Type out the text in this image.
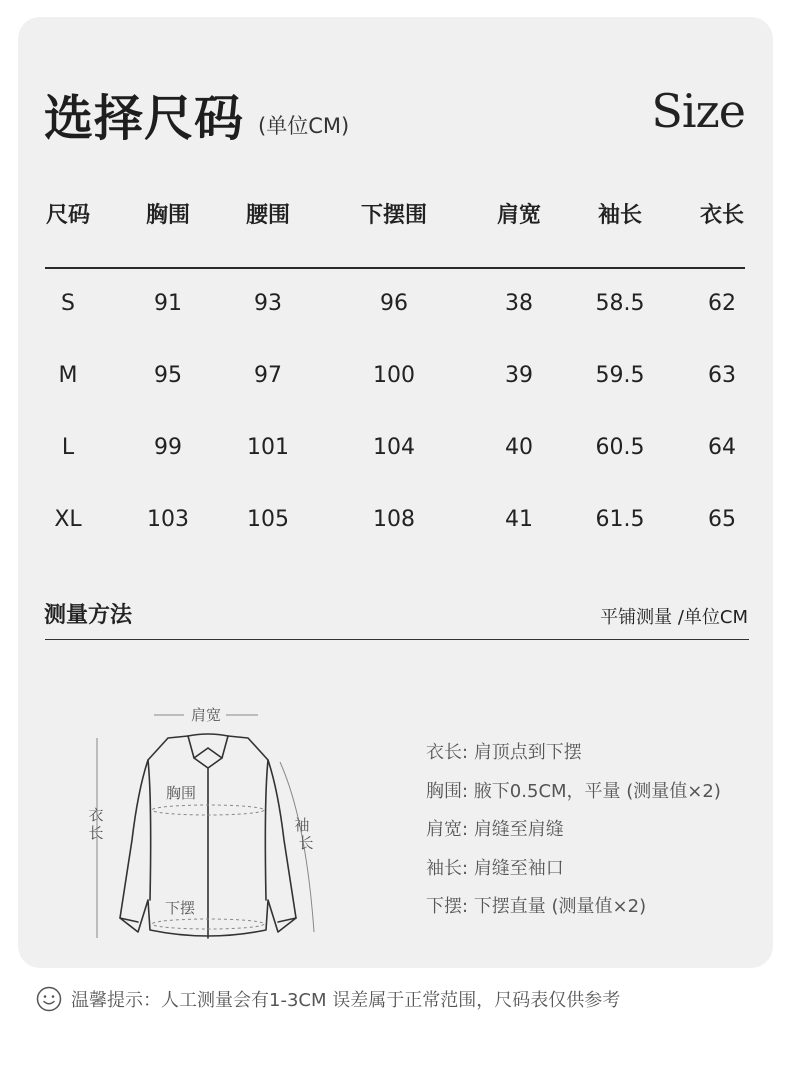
选择尺码 (单位CM)	Size
尺码	胸围	腰围	下摆围	肩宽	袖长	衣长
S	91	93	96	38	58.5	62
M	95	97	100	39	59.5	63
L	99	101	104	40	60.5	64
XL	103	105	108	41	61.5	65
测量方法	平铺测量 /单位CM
肩宽
胸围
下摆
衣
长	袖
长
衣长: 肩顶点到下摆
胸围: 腋下0.5CM，平量 (测量值×2)
肩宽: 肩缝至肩缝
袖长: 肩缝至袖口
下摆: 下摆直量 (测量值×2)
温馨提示：人工测量会有1-3CM 误差属于正常范围，尺码表仅供参考
